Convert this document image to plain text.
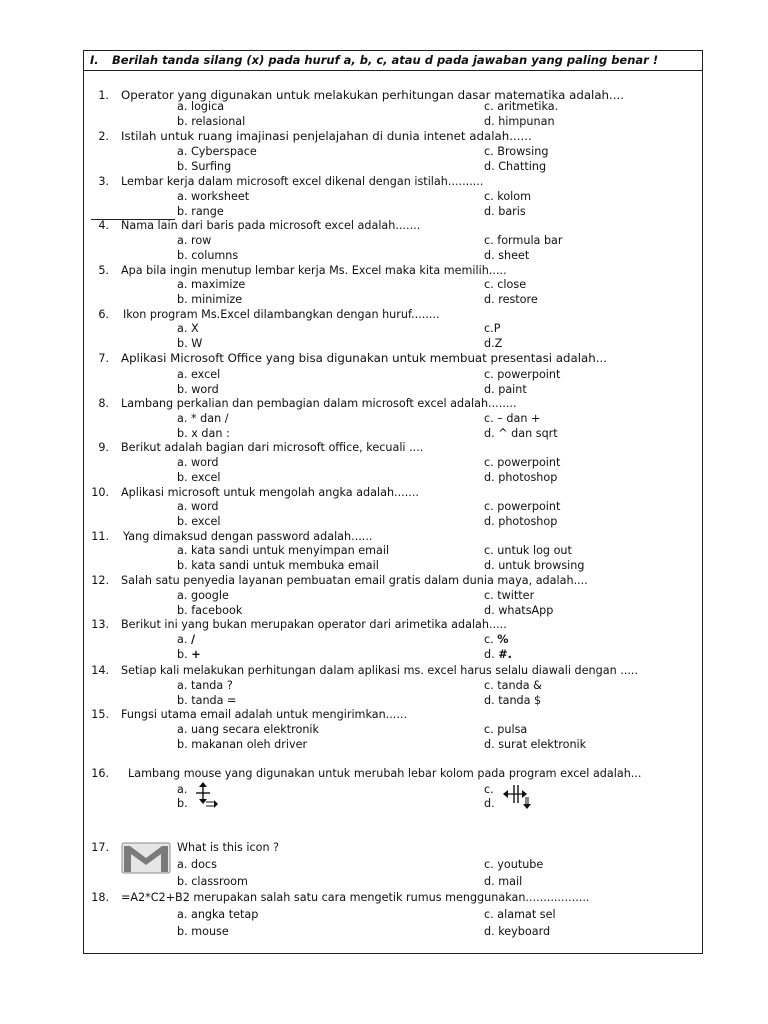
I. Berilah tanda silang (x) pada huruf a, b, c, atau d pada jawaban yang paling benar !
1. Operator yang digunakan untuk melakukan perhitungan dasar matematika adalah....
a. logica
b. relasional
c. aritmetika.
d. himpunan
2. Istilah untuk ruang imajinasi penjelajahan di dunia intenet adalah......
a. Cyberspace
b. Surfing
c. Browsing
d. Chatting
3. Lembar kerja dalam microsoft excel dikenal dengan istilah..........
a. worksheet
b. range
c. kolom
d. baris
4. Nama lain dari baris pada microsoft excel adalah.......
a. row
b. columns
c. formula bar
d. sheet
5. Apa bila ingin menutup lembar kerja Ms. Excel maka kita memilih.....
a. maximize
b. minimize
c. close
d. restore
6. Ikon program Ms.Excel dilambangkan dengan huruf........
a. X
b. W
c.P
d.Z
7. Aplikasi Microsoft Office yang bisa digunakan untuk membuat presentasi adalah...
a. excel
b. word
c. powerpoint
d. paint
8. Lambang perkalian dan pembagian dalam microsoft excel adalah........
a. * dan /
b. x dan :
c. – dan +
d. ^ dan sqrt
9. Berikut adalah bagian dari microsoft office, kecuali ....
a. word
b. excel
c. powerpoint
d. photoshop
10. Aplikasi microsoft untuk mengolah angka adalah.......
a. word
b. excel
c. powerpoint
d. photoshop
11. Yang dimaksud dengan password adalah......
a. kata sandi untuk menyimpan email
b. kata sandi untuk membuka email
c. untuk log out
d. untuk browsing
12. Salah satu penyedia layanan pembuatan email gratis dalam dunia maya, adalah....
a. google
b. facebook
c. twitter
d. whatsApp
13. Berikut ini yang bukan merupakan operator dari arimetika adalah.....
a. /
b. +
c. %
d. #.
14. Setiap kali melakukan perhitungan dalam aplikasi ms. excel harus selalu diawali dengan .....
a. tanda ?
b. tanda =
c. tanda &
d. tanda $
15. Fungsi utama email adalah untuk mengirimkan......
a. uang secara elektronik
b. makanan oleh driver
c. pulsa
d. surat elektronik
16. Lambang mouse yang digunakan untuk merubah lebar kolom pada program excel adalah...
a.
b.
c.
d.
17.	What is this icon ?
a. docs
b. classroom
c. youtube
d. mail
18. =A2*C2+B2 merupakan salah satu cara mengetik rumus menggunakan..................
a. angka tetap
b. mouse
c. alamat sel
d. keyboard
